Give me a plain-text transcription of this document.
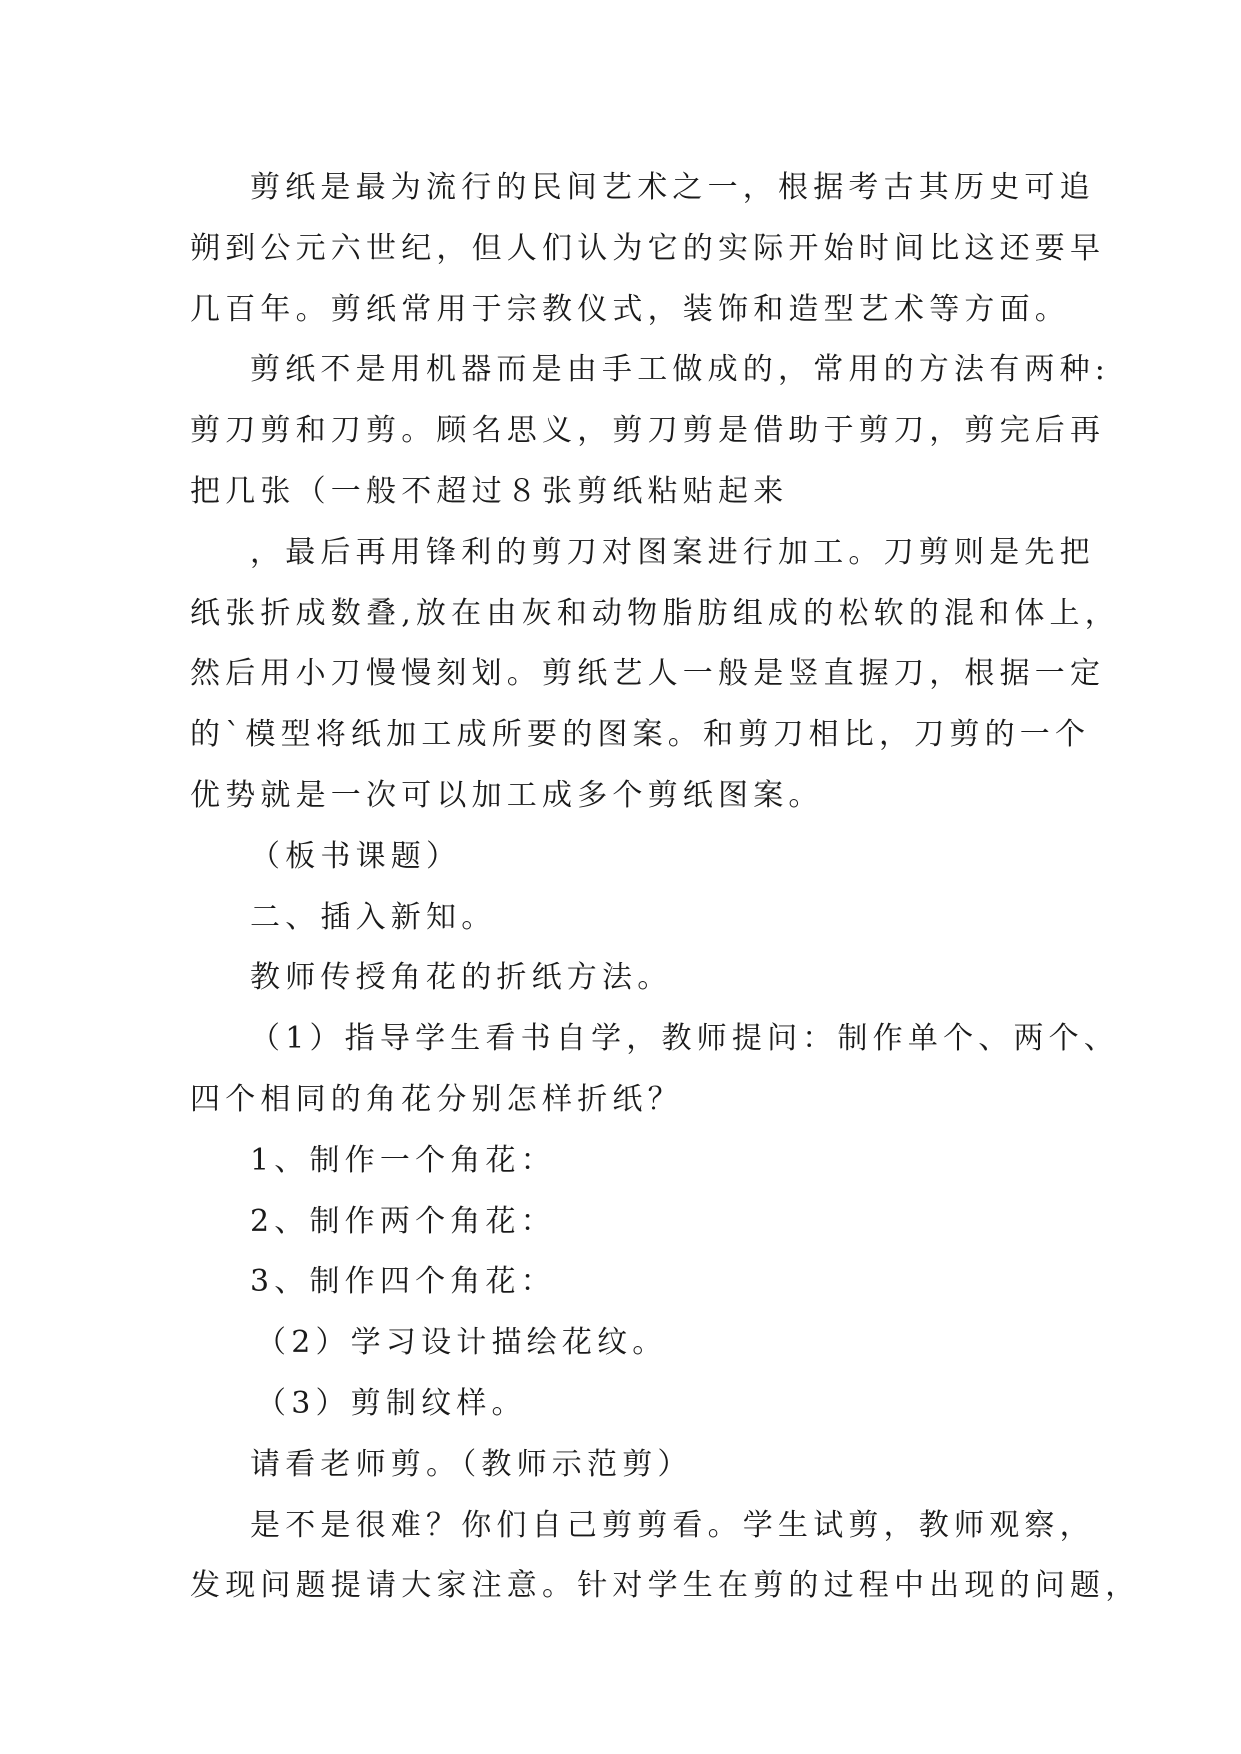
剪纸是最为流行的民间艺术之一，根据考古其历史可追
朔到公元六世纪，但人们认为它的实际开始时间比这还要早
几百年。剪纸常用于宗教仪式，装饰和造型艺术等方面。
剪纸不是用机器而是由手工做成的，常用的方法有两种:
剪刀剪和刀剪。顾名思义，剪刀剪是借助于剪刀，剪完后再
把几张（一般不超过８张剪纸粘贴起来
，最后再用锋利的剪刀对图案进行加工。刀剪则是先把
纸张折成数叠,放在由灰和动物脂肪组成的松软的混和体上，
然后用小刀慢慢刻划。剪纸艺人一般是竖直握刀，根据一定
的`模型将纸加工成所要的图案。和剪刀相比，刀剪的一个
优势就是一次可以加工成多个剪纸图案。
（板书课题）
二、插入新知。
教师传授角花的折纸方法。
（1）指导学生看书自学，教师提问：制作单个、两个、
四个相同的角花分别怎样折纸？
1、制作一个角花：
2、制作两个角花：
3、制作四个角花：
（2）学习设计描绘花纹。
（3）剪制纹样。
请看老师剪。（教师示范剪）
是不是很难？你们自己剪剪看。学生试剪，教师观察，
发现问题提请大家注意。针对学生在剪的过程中出现的问题，
